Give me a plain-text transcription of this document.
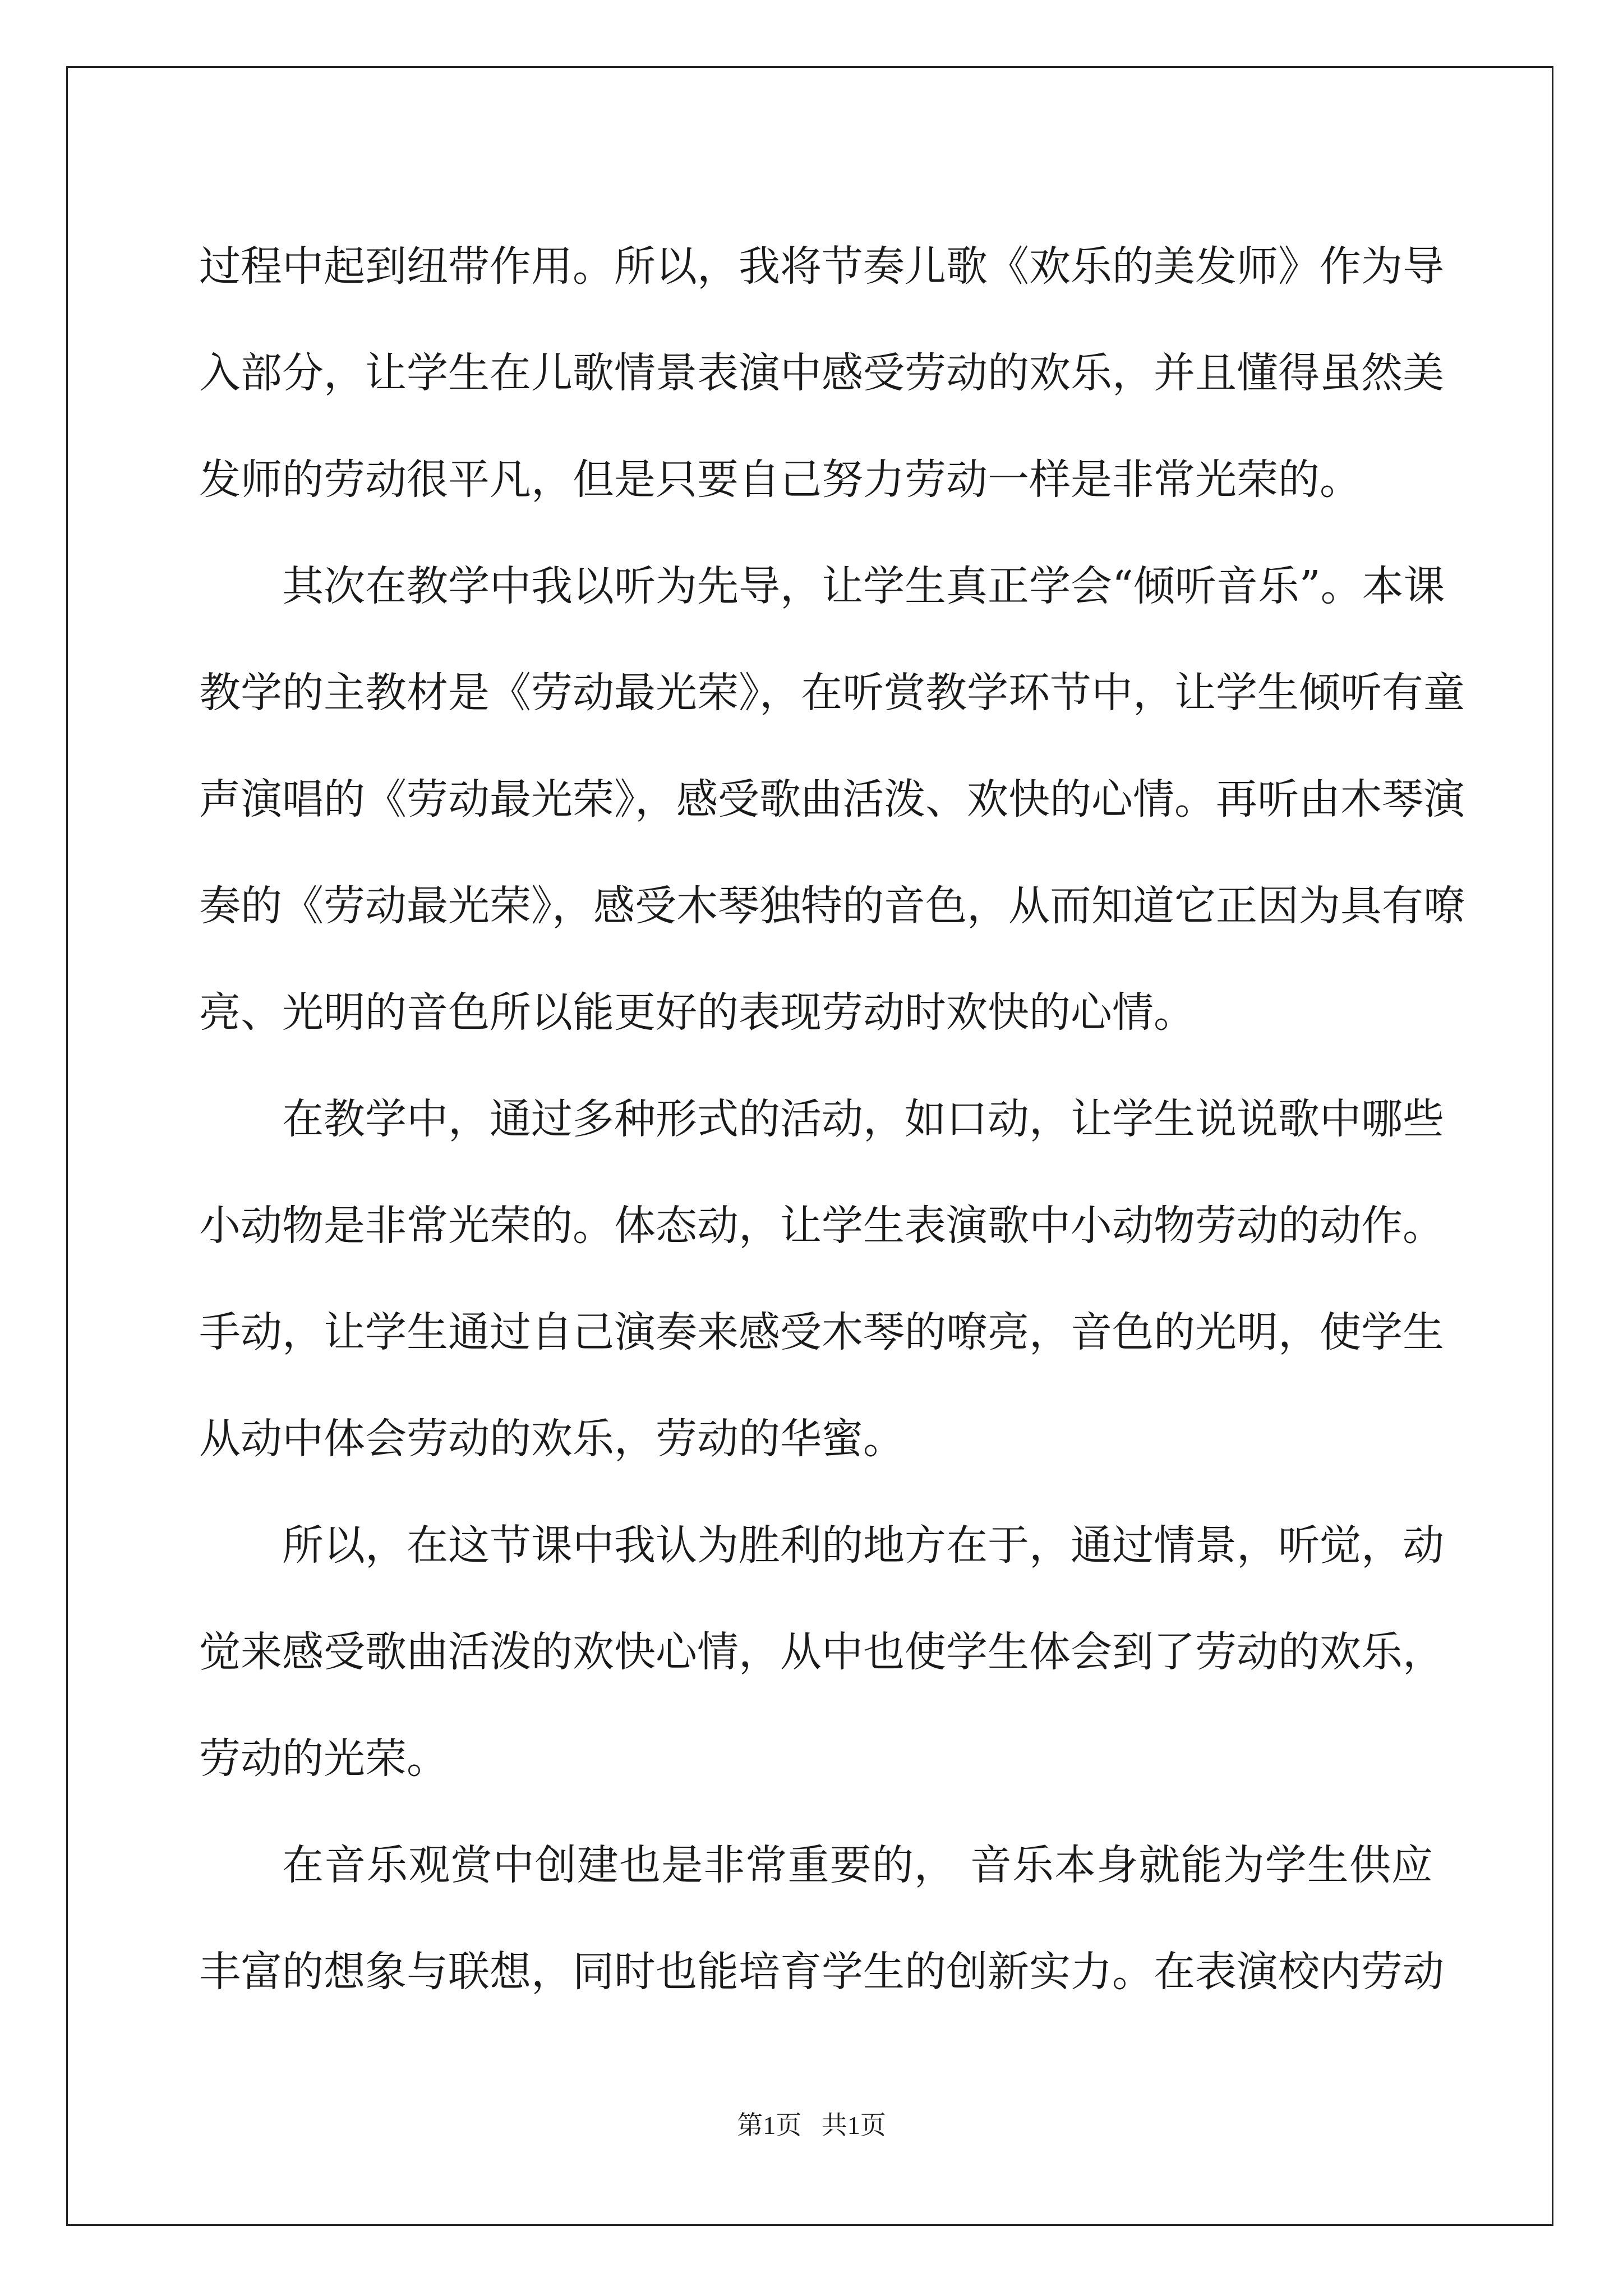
过程中起到纽带作用。所以，我将节奏儿歌《欢乐的美发师》作为导
入部分，让学生在儿歌情景表演中感受劳动的欢乐，并且懂得虽然美
发师的劳动很平凡，但是只要自己努力劳动一样是非常光荣的。
其次在教学中我以听为先导，让学生真正学会“倾听音乐”。本课
教学的主教材是《劳动最光荣》，在听赏教学环节中，让学生倾听有童
声演唱的《劳动最光荣》，感受歌曲活泼、欢快的心情。再听由木琴演
奏的《劳动最光荣》，感受木琴独特的音色，从而知道它正因为具有嘹
亮、光明的音色所以能更好的表现劳动时欢快的心情。
在教学中，通过多种形式的活动，如口动，让学生说说歌中哪些
小动物是非常光荣的。体态动，让学生表演歌中小动物劳动的动作。
手动，让学生通过自己演奏来感受木琴的嘹亮，音色的光明，使学生
从动中体会劳动的欢乐，劳动的华蜜。
所以，在这节课中我认为胜利的地方在于，通过情景，听觉，动
觉来感受歌曲活泼的欢快心情，从中也使学生体会到了劳动的欢乐，
劳动的光荣。
在音乐观赏中创建也是非常重要的， 音乐本身就能为学生供应
丰富的想象与联想，同时也能培育学生的创新实力。在表演校内劳动
第1页 共1页
